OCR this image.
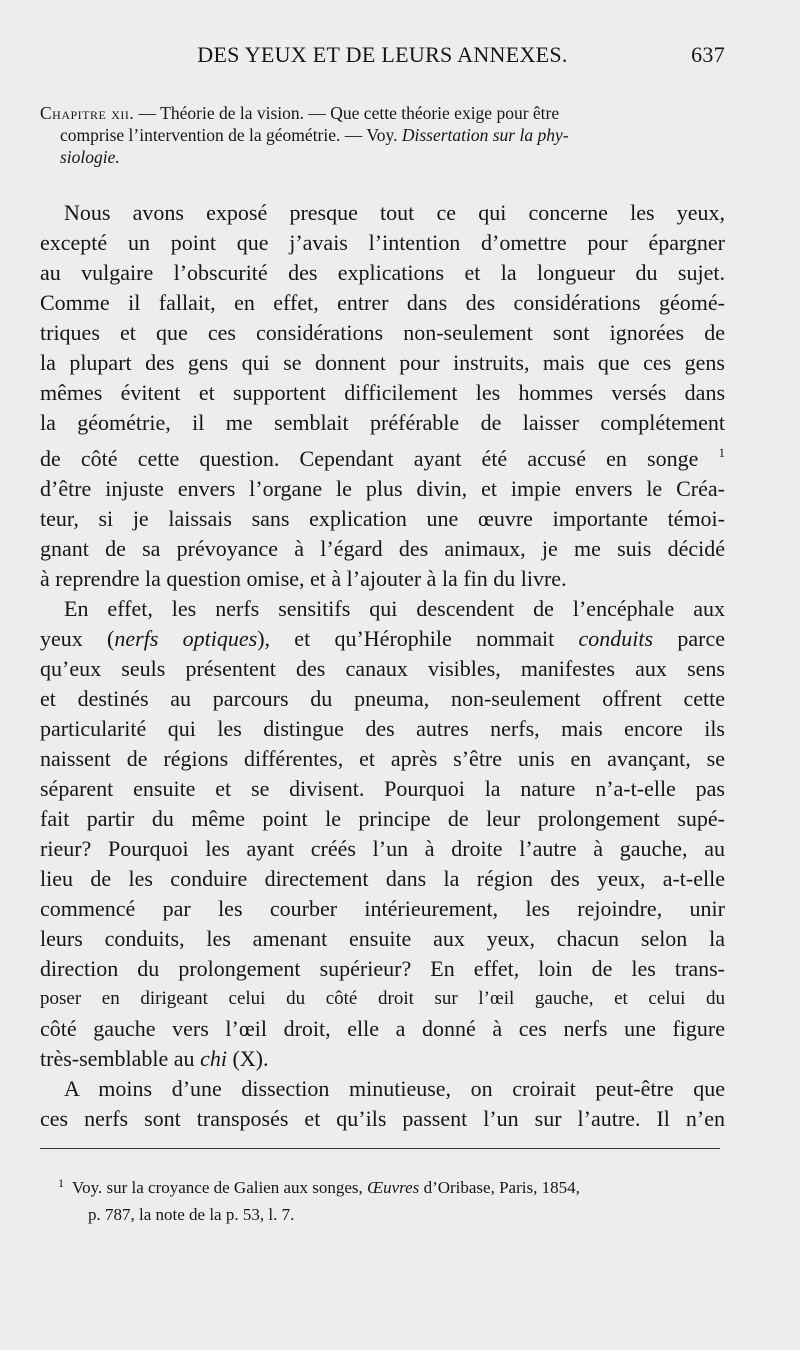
DES YEUX ET DE LEURS ANNEXES.	637
Chapitre xii. — Théorie de la vision. — Que cette théorie exige pour être
comprise l’intervention de la géométrie. — Voy. Dissertation sur la phy-
siologie.

Nous avons exposé presque tout ce qui concerne les yeux,
excepté un point que j’avais l’intention d’omettre pour épargner
au vulgaire l’obscurité des explications et la longueur du sujet.
Comme il fallait, en effet, entrer dans des considérations géomé-
triques et que ces considérations non-seulement sont ignorées de
la plupart des gens qui se donnent pour instruits, mais que ces gens
mêmes évitent et supportent difficilement les hommes versés dans
la géométrie, il me semblait préférable de laisser complétement
de côté cette question. Cependant ayant été accusé en songe $^1$
d’être injuste envers l’organe le plus divin, et impie envers le Créa-
teur, si je laissais sans explication une œuvre importante témoi-
gnant de sa prévoyance à l’égard des animaux, je me suis décidé
à reprendre la question omise, et à l’ajouter à la fin du livre.

En effet, les nerfs sensitifs qui descendent de l’encéphale aux
yeux (nerfs optiques), et qu’Hérophile nommait conduits parce
qu’eux seuls présentent des canaux visibles, manifestes aux sens
et destinés au parcours du pneuma, non-seulement offrent cette
particularité qui les distingue des autres nerfs, mais encore ils
naissent de régions différentes, et après s’être unis en avançant, se
séparent ensuite et se divisent. Pourquoi la nature n’a-t-elle pas
fait partir du même point le principe de leur prolongement supé-
rieur? Pourquoi les ayant créés l’un à droite l’autre à gauche, au
lieu de les conduire directement dans la région des yeux, a-t-elle
commencé par les courber intérieurement, les rejoindre, unir
leurs conduits, les amenant ensuite aux yeux, chacun selon la
direction du prolongement supérieur? En effet, loin de les trans-
poser en dirigeant celui du côté droit sur l’œil gauche, et celui du
côté gauche vers l’œil droit, elle a donné à ces nerfs une figure
très-semblable au chi (Χ).

A moins d’une dissection minutieuse, on croirait peut-être que
ces nerfs sont transposés et qu’ils passent l’un sur l’autre. Il n’en

$^1$ Voy. sur la croyance de Galien aux songes, Œuvres d’Oribase, Paris, 1854,
p. 787, la note de la p. 53, l. 7.
